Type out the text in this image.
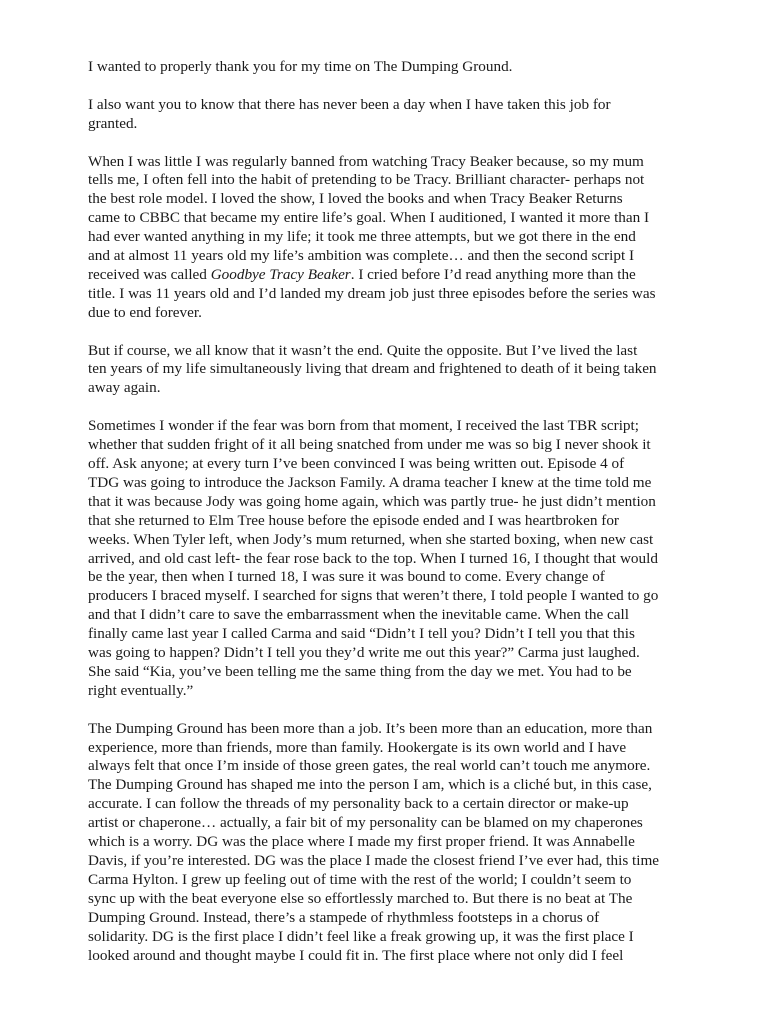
I wanted to properly thank you for my time on The Dumping Ground.

I also want you to know that there has never been a day when I have taken this job for
granted.

When I was little I was regularly banned from watching Tracy Beaker because, so my mum
tells me, I often fell into the habit of pretending to be Tracy. Brilliant character- perhaps not
the best role model. I loved the show, I loved the books and when Tracy Beaker Returns
came to CBBC that became my entire life’s goal. When I auditioned, I wanted it more than I
had ever wanted anything in my life; it took me three attempts, but we got there in the end
and at almost 11 years old my life’s ambition was complete… and then the second script I
received was called Goodbye Tracy Beaker. I cried before I’d read anything more than the
title. I was 11 years old and I’d landed my dream job just three episodes before the series was
due to end forever.

But if course, we all know that it wasn’t the end. Quite the opposite. But I’ve lived the last
ten years of my life simultaneously living that dream and frightened to death of it being taken
away again.

Sometimes I wonder if the fear was born from that moment, I received the last TBR script;
whether that sudden fright of it all being snatched from under me was so big I never shook it
off. Ask anyone; at every turn I’ve been convinced I was being written out. Episode 4 of
TDG was going to introduce the Jackson Family. A drama teacher I knew at the time told me
that it was because Jody was going home again, which was partly true- he just didn’t mention
that she returned to Elm Tree house before the episode ended and I was heartbroken for
weeks. When Tyler left, when Jody’s mum returned, when she started boxing, when new cast
arrived, and old cast left- the fear rose back to the top. When I turned 16, I thought that would
be the year, then when I turned 18, I was sure it was bound to come. Every change of
producers I braced myself. I searched for signs that weren’t there, I told people I wanted to go
and that I didn’t care to save the embarrassment when the inevitable came. When the call
finally came last year I called Carma and said “Didn’t I tell you? Didn’t I tell you that this
was going to happen? Didn’t I tell you they’d write me out this year?” Carma just laughed.
She said “Kia, you’ve been telling me the same thing from the day we met. You had to be
right eventually.”

The Dumping Ground has been more than a job. It’s been more than an education, more than
experience, more than friends, more than family. Hookergate is its own world and I have
always felt that once I’m inside of those green gates, the real world can’t touch me anymore.
The Dumping Ground has shaped me into the person I am, which is a cliché but, in this case,
accurate. I can follow the threads of my personality back to a certain director or make-up
artist or chaperone… actually, a fair bit of my personality can be blamed on my chaperones
which is a worry. DG was the place where I made my first proper friend. It was Annabelle
Davis, if you’re interested. DG was the place I made the closest friend I’ve ever had, this time
Carma Hylton. I grew up feeling out of time with the rest of the world; I couldn’t seem to
sync up with the beat everyone else so effortlessly marched to. But there is no beat at The
Dumping Ground. Instead, there’s a stampede of rhythmless footsteps in a chorus of
solidarity. DG is the first place I didn’t feel like a freak growing up, it was the first place I
looked around and thought maybe I could fit in. The first place where not only did I feel
